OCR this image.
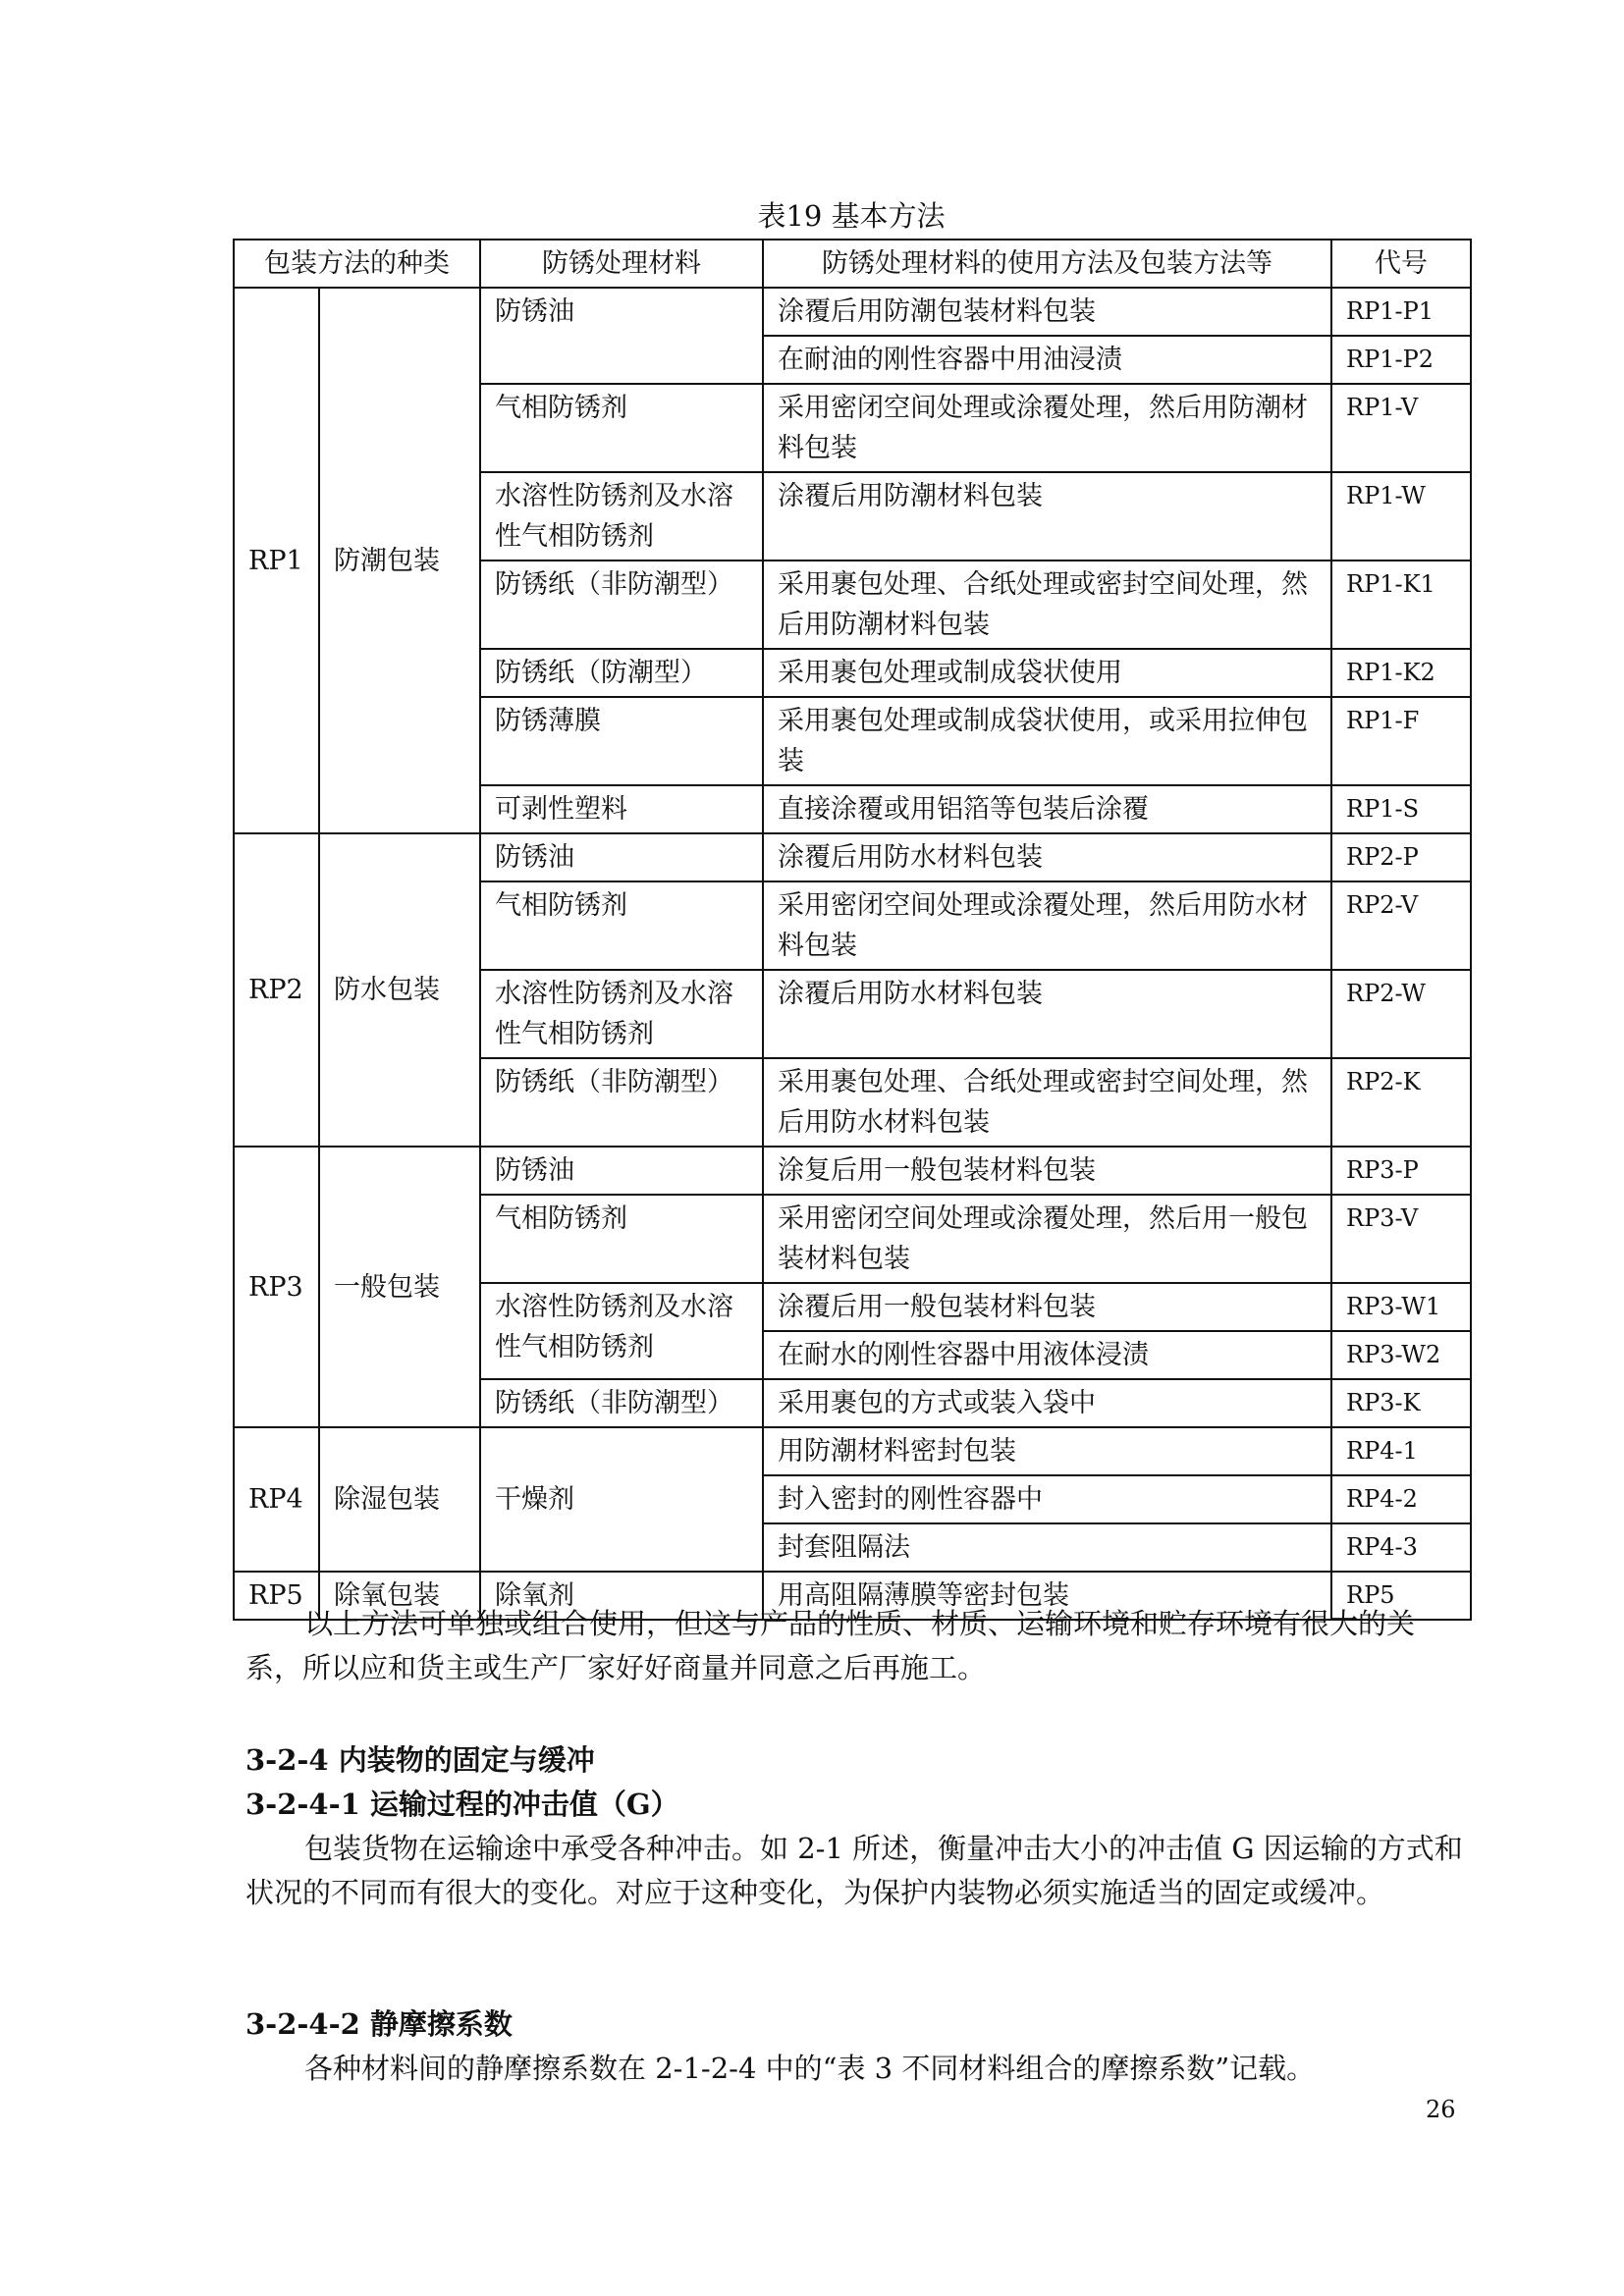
表19 基本方法
包装方法的种类		防锈处理材料	防锈处理材料的使用方法及包装方法等	代号
RP1	防潮包装	防锈油	涂覆后用防潮包装材料包装	RP1-P1
			在耐油的刚性容器中用油浸渍	RP1-P2
		气相防锈剂	采用密闭空间处理或涂覆处理，然后用防潮材料包装	RP1-V
		水溶性防锈剂及水溶性气相防锈剂	涂覆后用防潮材料包装	RP1-W
		防锈纸（非防潮型）	采用裹包处理、合纸处理或密封空间处理，然后用防潮材料包装	RP1-K1
		防锈纸（防潮型）	采用裹包处理或制成袋状使用	RP1-K2
		防锈薄膜	采用裹包处理或制成袋状使用，或采用拉伸包装	RP1-F
		可剥性塑料	直接涂覆或用铝箔等包装后涂覆	RP1-S
RP2	防水包装	防锈油	涂覆后用防水材料包装	RP2-P
		气相防锈剂	采用密闭空间处理或涂覆处理，然后用防水材料包装	RP2-V
		水溶性防锈剂及水溶性气相防锈剂	涂覆后用防水材料包装	RP2-W
		防锈纸（非防潮型）	采用裹包处理、合纸处理或密封空间处理，然后用防水材料包装	RP2-K
RP3	一般包装	防锈油	涂复后用一般包装材料包装	RP3-P
		气相防锈剂	采用密闭空间处理或涂覆处理，然后用一般包装材料包装	RP3-V
		水溶性防锈剂及水溶性气相防锈剂	涂覆后用一般包装材料包装	RP3-W1
			在耐水的刚性容器中用液体浸渍	RP3-W2
		防锈纸（非防潮型）	采用裹包的方式或装入袋中	RP3-K
RP4	除湿包装	干燥剂	用防潮材料密封包装	RP4-1
			封入密封的刚性容器中	RP4-2
			封套阻隔法	RP4-3
RP5	除氧包装	除氧剂	用高阻隔薄膜等密封包装	RP5
以上方法可单独或组合使用，但这与产品的性质、材质、运输环境和贮存环境有很大的关系，所以应和货主或生产厂家好好商量并同意之后再施工。
3-2-4 内装物的固定与缓冲
3-2-4-1 运输过程的冲击值（G）
包装货物在运输途中承受各种冲击。如 2-1 所述，衡量冲击大小的冲击值 G 因运输的方式和状况的不同而有很大的变化。对应于这种变化，为保护内装物必须实施适当的固定或缓冲。
3-2-4-2 静摩擦系数
各种材料间的静摩擦系数在 2-1-2-4 中的“表 3 不同材料组合的摩擦系数”记载。
26
